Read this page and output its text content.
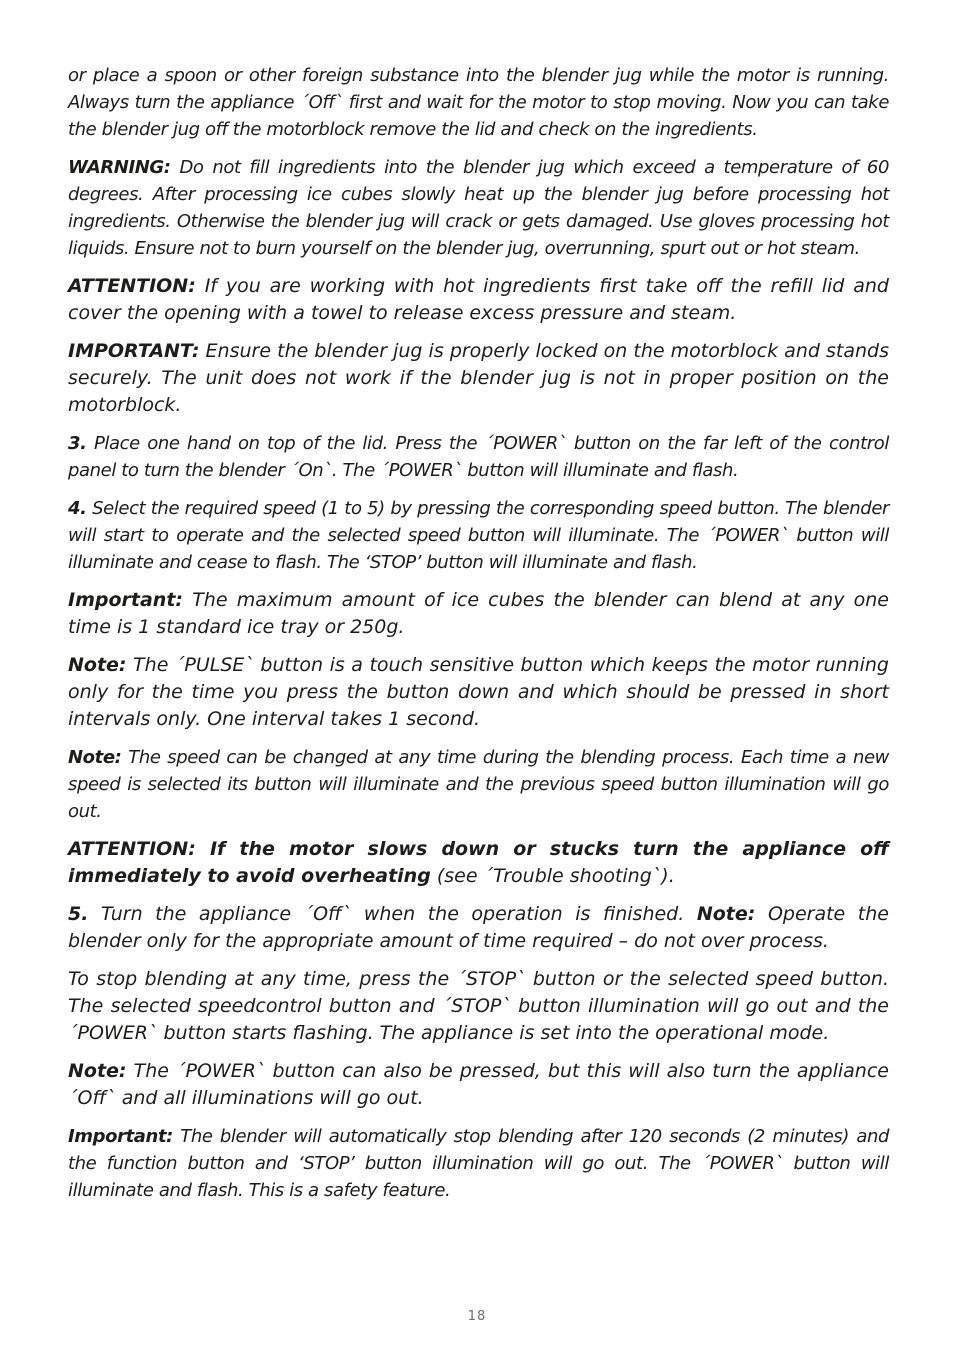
or place a spoon or other foreign substance into the blender jug while the motor is running. Always turn the appliance ´Off` first and wait for the motor to stop moving. Now you can take the blender jug off the motorblock remove the lid and check on the ingredients.

WARNING: Do not fill ingredients into the blender jug which exceed a temperature of 60 degrees. After processing ice cubes slowly heat up the blender jug before processing hot ingredients. Otherwise the blender jug will crack or gets damaged. Use gloves processing hot liquids. Ensure not to burn yourself on the blender jug, overrunning, spurt out or hot steam.

ATTENTION: If you are working with hot ingredients first take off the refill lid and cover the opening with a towel to release excess pressure and steam.

IMPORTANT: Ensure the blender jug is properly locked on the motorblock and stands securely. The unit does not work if the blender jug is not in proper position on the motorblock.

3. Place one hand on top of the lid. Press the ´POWER` button on the far left of the control panel to turn the blender ´On`. The ´POWER` button will illuminate and flash.

4. Select the required speed (1 to 5) by pressing the corresponding speed button. The blender will start to operate and the selected speed button will illuminate. The ´POWER` button will illuminate and cease to flash. The ‘STOP’ button will illuminate and flash.

Important: The maximum amount of ice cubes the blender can blend at any one time is 1 standard ice tray or 250g.

Note: The ´PULSE` button is a touch sensitive button which keeps the motor running only for the time you press the button down and which should be pressed in short intervals only. One interval takes 1 second.

Note: The speed can be changed at any time during the blending process. Each time a new speed is selected its button will illuminate and the previous speed button illumination will go out.

ATTENTION: If the motor slows down or stucks turn the appliance off immediately to avoid overheating (see ´Trouble shooting`).

5. Turn the appliance ´Off` when the operation is finished. Note: Operate the blender only for the appropriate amount of time required – do not over process.

To stop blending at any time, press the ´STOP` button or the selected speed button. The selected speedcontrol button and ´STOP` button illumination will go out and the ´POWER` button starts flashing. The appliance is set into the operational mode.

Note: The ´POWER` button can also be pressed, but this will also turn the appliance ´Off` and all illuminations will go out.

Important: The blender will automatically stop blending after 120 seconds (2 minutes) and the function button and ‘STOP’ button illumination will go out. The ´POWER` button will illuminate and flash. This is a safety feature.

18
